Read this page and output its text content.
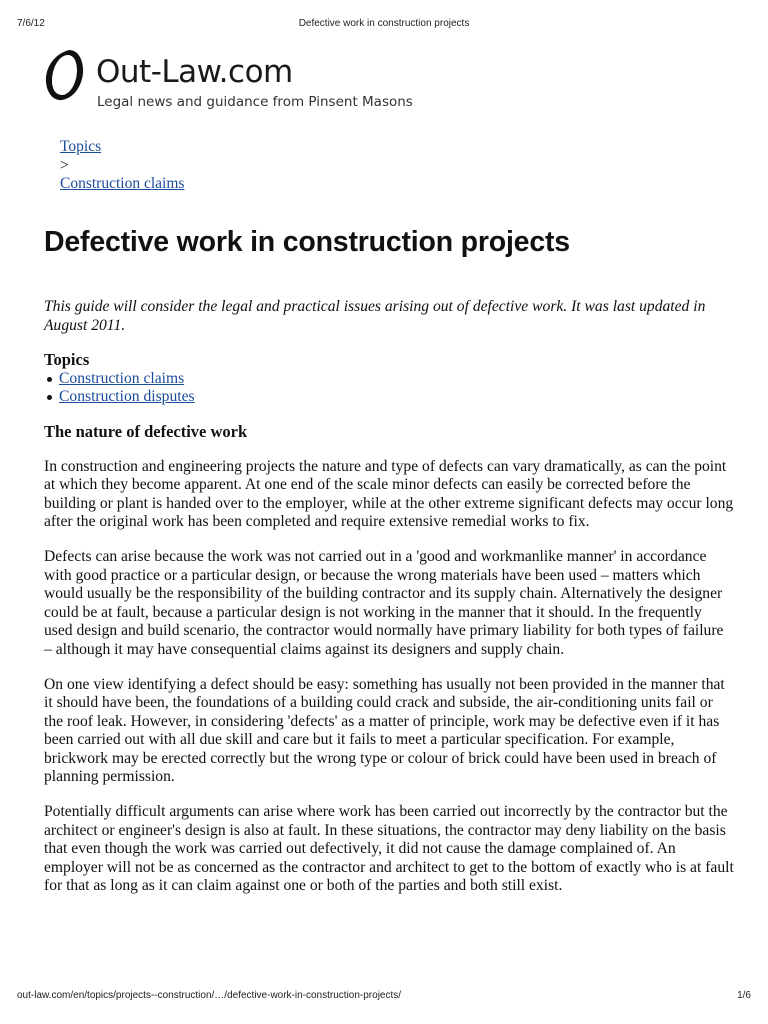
7/6/12	Defective work in construction projects
Out-Law.com
Legal news and guidance from Pinsent Masons
Topics
>
Construction claims
Defective work in construction projects

This guide will consider the legal and practical issues arising out of defective work. It was last updated in August 2011.

Topics
Construction claims
Construction disputes
The nature of defective work

In construction and engineering projects the nature and type of defects can vary dramatically, as can the point at which they become apparent. At one end of the scale minor defects can easily be corrected before the building or plant is handed over to the employer, while at the other extreme significant defects may occur long after the original work has been completed and require extensive remedial works to fix.

Defects can arise because the work was not carried out in a 'good and workmanlike manner' in accordance with good practice or a particular design, or because the wrong materials have been used – matters which would usually be the responsibility of the building contractor and its supply chain. Alternatively the designer could be at fault, because a particular design is not working in the manner that it should. In the frequently used design and build scenario, the contractor would normally have primary liability for both types of failure – although it may have consequential claims against its designers and supply chain.

On one view identifying a defect should be easy: something has usually not been provided in the manner that it should have been, the foundations of a building could crack and subside, the air-conditioning units fail or the roof leak. However, in considering 'defects' as a matter of principle, work may be defective even if it has been carried out with all due skill and care but it fails to meet a particular specification. For example, brickwork may be erected correctly but the wrong type or colour of brick could have been used in breach of planning permission.

Potentially difficult arguments can arise where work has been carried out incorrectly by the contractor but the architect or engineer's design is also at fault. In these situations, the contractor may deny liability on the basis that even though the work was carried out defectively, it did not cause the damage complained of. An employer will not be as concerned as the contractor and architect to get to the bottom of exactly who is at fault for that as long as it can claim against one or both of the parties and both still exist.

out-law.com/en/topics/projects--construction/…/defective-work-in-construction-projects/	1/6
